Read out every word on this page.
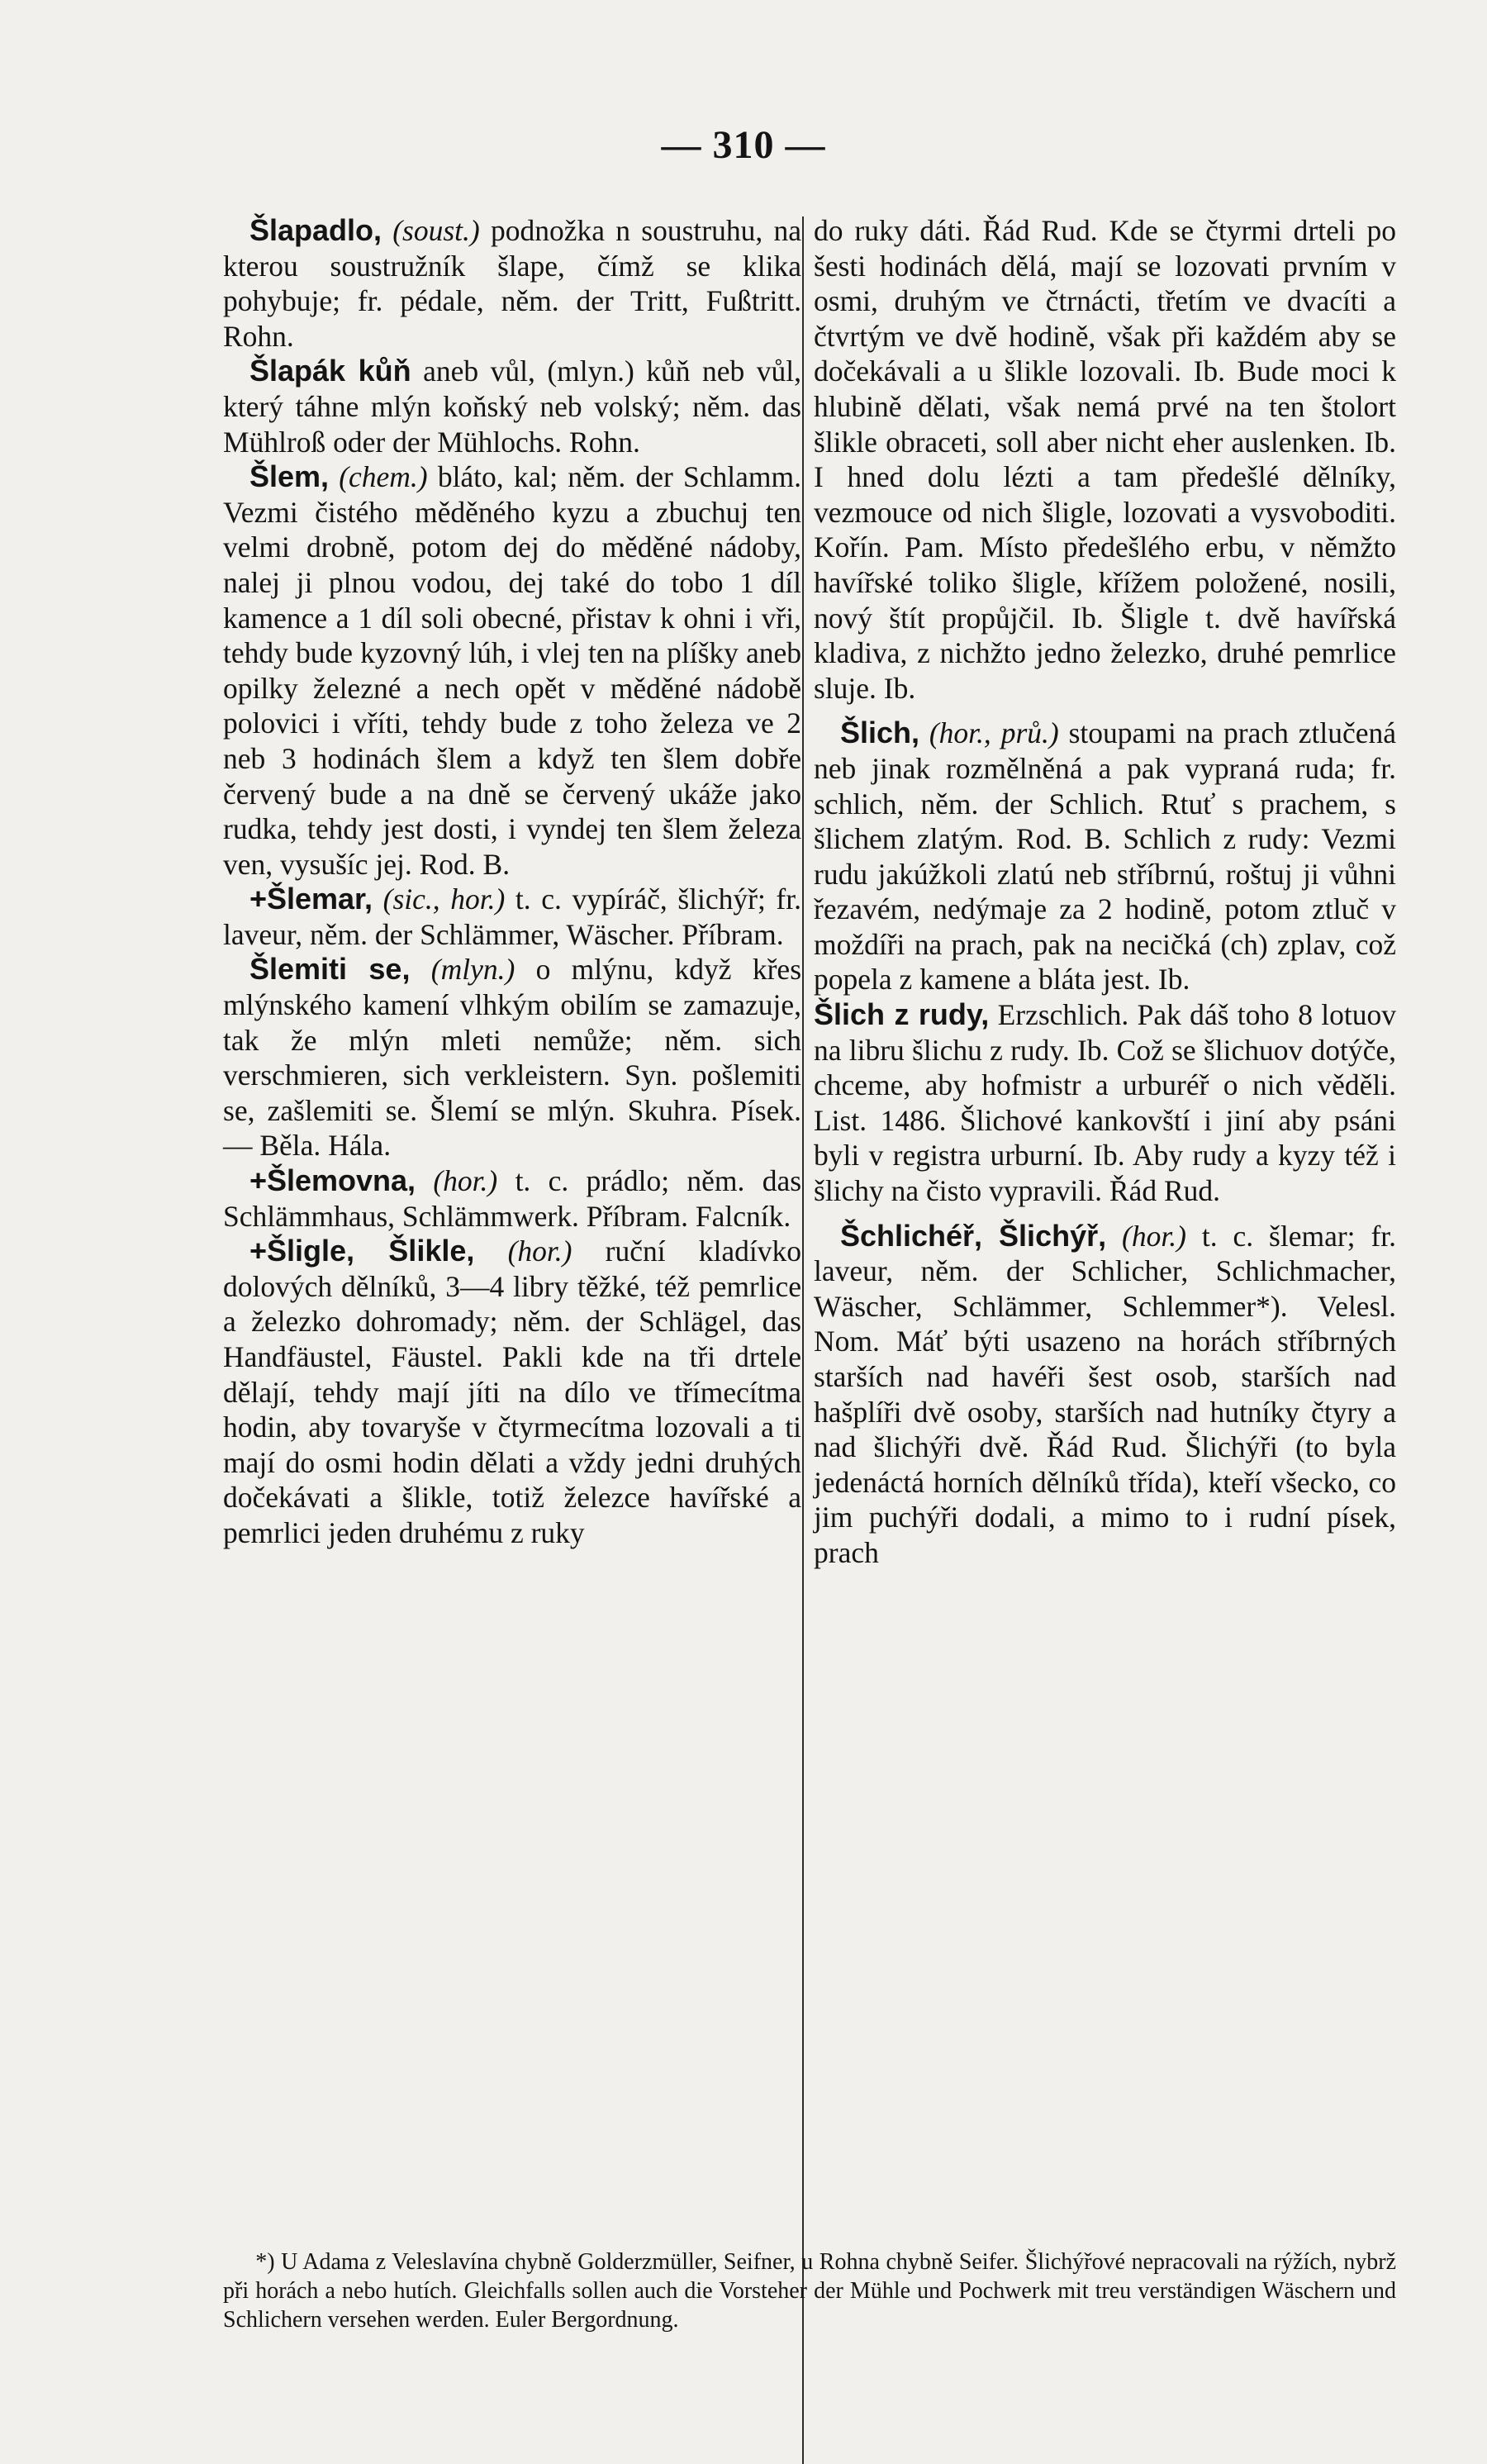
— 310 —

Šlapadlo, (soust.) podnožka n soustruhu, na kterou soustružník šlape, čímž se klika pohybuje; fr. pédale, něm. der Tritt, Fußtritt. Rohn.

Šlapák kůň aneb vůl, (mlyn.) kůň neb vůl, který táhne mlýn koňský neb volský; něm. das Mühlroß oder der Mühlochs. Rohn.

Šlem, (chem.) bláto, kal; něm. der Schlamm. Vezmi čistého měděného kyzu a zbuchuj ten velmi drobně, potom dej do měděné nádoby, nalej ji plnou vodou, dej také do tobo 1 díl kamence a 1 díl soli obecné, přistav k ohni i vři, tehdy bude kyzovný lúh, i vlej ten na plíšky aneb opilky železné a nech opět v měděné nádobě polovici i vříti, tehdy bude z toho železa ve 2 neb 3 hodinách šlem a když ten šlem dobře červený bude a na dně se červený ukáže jako rudka, tehdy jest dosti, i vyndej ten šlem železa ven, vysušíc jej. Rod. B.

+Šlemar, (sic., hor.) t. c. vypíráč, šlichýř; fr. laveur, něm. der Schlämmer, Wäscher. Příbram.

Šlemiti se, (mlyn.) o mlýnu, když křes mlýnského kamení vlhkým obilím se zamazuje, tak že mlýn mleti nemůže; něm. sich verschmieren, sich verkleistern. Syn. pošlemiti se, zašlemiti se. Šlemí se mlýn. Skuhra. Písek. — Běla. Hála.

+Šlemovna, (hor.) t. c. prádlo; něm. das Schlämmhaus, Schlämmwerk. Příbram. Falcník.

+Šligle, Šlikle, (hor.) ruční kladívko dolových dělníků, 3—4 libry těžké, též pemrlice a železko dohromady; něm. der Schlägel, das Handfäustel, Fäustel. Pakli kde na tři drtele dělají, tehdy mají jíti na dílo ve třímecítma hodin, aby tovaryše v čtyrmecítma lozovali a ti mají do osmi hodin dělati a vždy jedni druhých dočekávati a šlikle, totiž železce havířské a pemrlici jeden druhému z ruky

do ruky dáti. Řád Rud. Kde se čtyrmi drteli po šesti hodinách dělá, mají se lozovati prvním v osmi, druhým ve čtrnácti, třetím ve dvacíti a čtvrtým ve dvě hodině, však při každém aby se dočekávali a u šlikle lozovali. Ib. Bude moci k hlubině dělati, však nemá prvé na ten štolort šlikle obraceti, soll aber nicht eher auslenken. Ib. I hned dolu lézti a tam předešlé dělníky, vezmouce od nich šligle, lozovati a vysvoboditi. Kořín. Pam. Místo předešlého erbu, v němžto havířské toliko šligle, křížem položené, nosili, nový štít propůjčil. Ib. Šligle t. dvě havířská kladiva, z nichžto jedno železko, druhé pemrlice sluje. Ib.

Šlich, (hor., prů.) stoupami na prach ztlučená neb jinak rozmělněná a pak vypraná ruda; fr. schlich, něm. der Schlich. Rtuť s prachem, s šlichem zlatým. Rod. B. Schlich z rudy: Vezmi rudu jakúžkoli zlatú neb stříbrnú, roštuj ji vůhni řezavém, nedýmaje za 2 hodině, potom ztluč v moždíři na prach, pak na necičká (ch) zplav, což popela z kamene a bláta jest. Ib.

Šlich z rudy, Erzschlich. Pak dáš toho 8 lotuov na libru šlichu z rudy. Ib. Což se šlichuov dotýče, chceme, aby hofmistr a urburéř o nich věděli. List. 1486. Šlichové kankovští i jiní aby psáni byli v registra urburní. Ib. Aby rudy a kyzy též i šlichy na čisto vypravili. Řád Rud.

Šchlichéř, Šlichýř, (hor.) t. c. šlemar; fr. laveur, něm. der Schlicher, Schlichmacher, Wäscher, Schlämmer, Schlemmer*). Velesl. Nom. Máť býti usazeno na horách stříbrných starších nad havéři šest osob, starších nad hašplíři dvě osoby, starších nad hutníky čtyry a nad šlichýři dvě. Řád Rud. Šlichýři (to byla jedenáctá horních dělníků třída), kteří všecko, co jim puchýři dodali, a mimo to i rudní písek, prach

*) U Adama z Veleslavína chybně Golderzmüller, Seifner, u Rohna chybně Seifer. Šlichýřové nepracovali na rýžích, nybrž při horách a nebo hutích. Gleichfalls sollen auch die Vorsteher der Mühle und Pochwerk mit treu verständigen Wäschern und Schlichern versehen werden. Euler Bergordnung.
